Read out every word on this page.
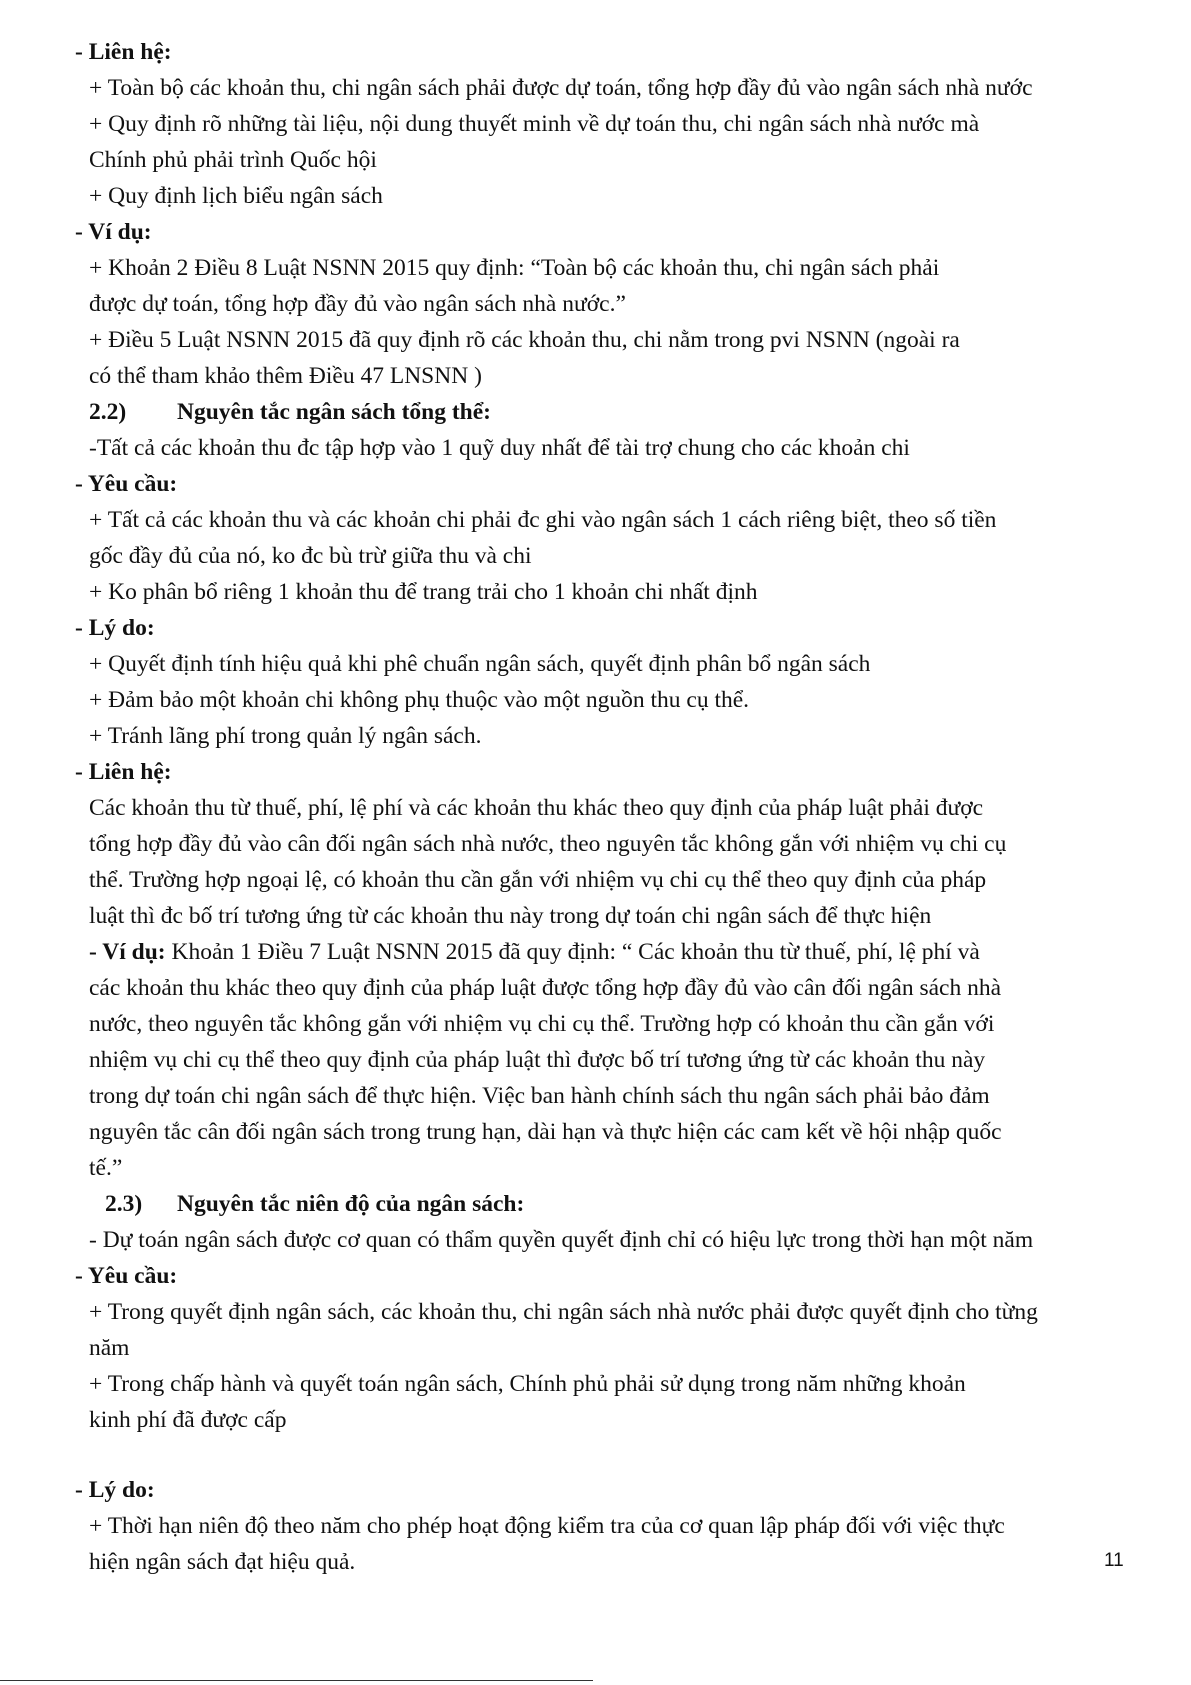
- Liên hệ:
+ Toàn bộ các khoản thu, chi ngân sách phải được dự toán, tổng hợp đầy đủ vào ngân sách nhà nước
+ Quy định rõ những tài liệu, nội dung thuyết minh về dự toán thu, chi ngân sách nhà nước mà
Chính phủ phải trình Quốc hội
+ Quy định lịch biểu ngân sách
- Ví dụ:
+ Khoản 2 Điều 8 Luật NSNN 2015 quy định: “Toàn bộ các khoản thu, chi ngân sách phải
được dự toán, tổng hợp đầy đủ vào ngân sách nhà nước.”
+ Điều 5 Luật NSNN 2015 đã quy định rõ các khoản thu, chi nằm trong pvi NSNN (ngoài ra
có thể tham khảo thêm Điều 47 LNSNN )
2.2) Nguyên tắc ngân sách tổng thể:
-Tất cả các khoản thu đc tập hợp vào 1 quỹ duy nhất để tài trợ chung cho các khoản chi
- Yêu cầu:
+ Tất cả các khoản thu và các khoản chi phải đc ghi vào ngân sách 1 cách riêng biệt, theo số tiền
gốc đầy đủ của nó, ko đc bù trừ giữa thu và chi
+ Ko phân bổ riêng 1 khoản thu để trang trải cho 1 khoản chi nhất định
- Lý do:
+ Quyết định tính hiệu quả khi phê chuẩn ngân sách, quyết định phân bổ ngân sách
+ Đảm bảo một khoản chi không phụ thuộc vào một nguồn thu cụ thể.
+ Tránh lãng phí trong quản lý ngân sách.
- Liên hệ:
Các khoản thu từ thuế, phí, lệ phí và các khoản thu khác theo quy định của pháp luật phải được
tổng hợp đầy đủ vào cân đối ngân sách nhà nước, theo nguyên tắc không gắn với nhiệm vụ chi cụ
thể. Trường hợp ngoại lệ, có khoản thu cần gắn với nhiệm vụ chi cụ thể theo quy định của pháp
luật thì đc bố trí tương ứng từ các khoản thu này trong dự toán chi ngân sách để thực hiện
- Ví dụ: Khoản 1 Điều 7 Luật NSNN 2015 đã quy định: “ Các khoản thu từ thuế, phí, lệ phí và
các khoản thu khác theo quy định của pháp luật được tổng hợp đầy đủ vào cân đối ngân sách nhà
nước, theo nguyên tắc không gắn với nhiệm vụ chi cụ thể. Trường hợp có khoản thu cần gắn với
nhiệm vụ chi cụ thể theo quy định của pháp luật thì được bố trí tương ứng từ các khoản thu này
trong dự toán chi ngân sách để thực hiện. Việc ban hành chính sách thu ngân sách phải bảo đảm
nguyên tắc cân đối ngân sách trong trung hạn, dài hạn và thực hiện các cam kết về hội nhập quốc
tế.”
2.3) Nguyên tắc niên độ của ngân sách:
- Dự toán ngân sách được cơ quan có thẩm quyền quyết định chỉ có hiệu lực trong thời hạn một năm
- Yêu cầu:
+ Trong quyết định ngân sách, các khoản thu, chi ngân sách nhà nước phải được quyết định cho từng
năm
+ Trong chấp hành và quyết toán ngân sách, Chính phủ phải sử dụng trong năm những khoản
kinh phí đã được cấp
- Lý do:
+ Thời hạn niên độ theo năm cho phép hoạt động kiểm tra của cơ quan lập pháp đối với việc thực
hiện ngân sách đạt hiệu quả.	11
